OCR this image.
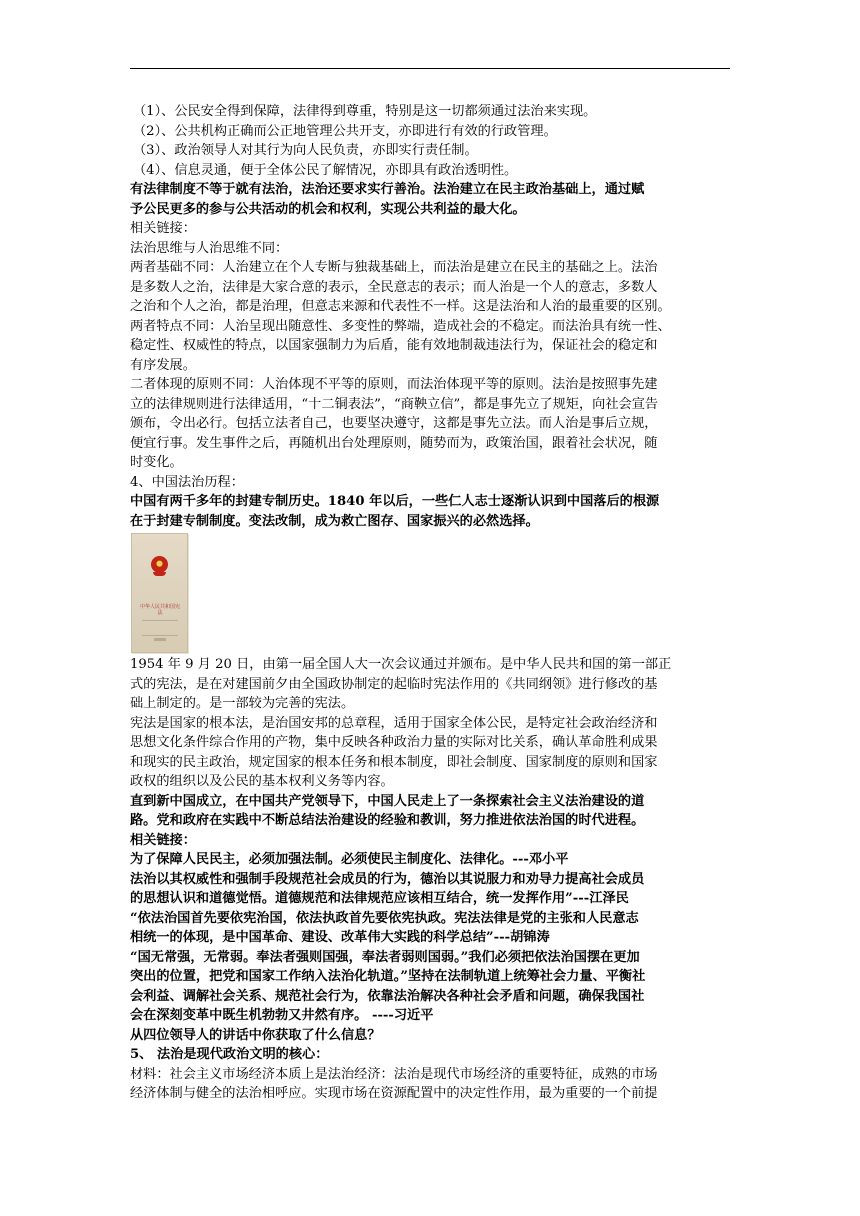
（1）、公民安全得到保障，法律得到尊重，特别是这一切都须通过法治来实现。
（2）、公共机构正确而公正地管理公共开支，亦即进行有效的行政管理。
（3）、政治领导人对其行为向人民负责，亦即实行责任制。
（4）、信息灵通，便于全体公民了解情况，亦即具有政治透明性。
有法律制度不等于就有法治，法治还要求实行善治。法治建立在民主政治基础上，通过赋
予公民更多的参与公共活动的机会和权利，实现公共利益的最大化。
相关链接：
法治思维与人治思维不同：
两者基础不同：人治建立在个人专断与独裁基础上，而法治是建立在民主的基础之上。法治
是多数人之治，法律是大家合意的表示，全民意志的表示；而人治是一个人的意志，多数人
之治和个人之治，都是治理，但意志来源和代表性不一样。这是法治和人治的最重要的区别。
两者特点不同：人治呈现出随意性、多变性的弊端，造成社会的不稳定。而法治具有统一性、
稳定性、权威性的特点，以国家强制力为后盾，能有效地制裁违法行为，保证社会的稳定和
有序发展。
二者体现的原则不同：人治体现不平等的原则，而法治体现平等的原则。法治是按照事先建
立的法律规则进行法律适用，“十二铜表法”，“商鞅立信”，都是事先立了规矩，向社会宣告
颁布，令出必行。包括立法者自己，也要坚决遵守，这都是事先立法。而人治是事后立规，
便宜行事。发生事件之后，再随机出台处理原则，随势而为，政策治国，跟着社会状况，随
时变化。
4、中国法治历程：
中国有两千多年的封建专制历史。1840 年以后，一些仁人志士逐渐认识到中国落后的根源
在于封建专制制度。变法改制，成为救亡图存、国家振兴的必然选择。
中华人民共和国宪法
1954 年 9 月 20 日，由第一届全国人大一次会议通过并颁布。是中华人民共和国的第一部正
式的宪法，是在对建国前夕由全国政协制定的起临时宪法作用的《共同纲领》进行修改的基
础上制定的。是一部较为完善的宪法。
宪法是国家的根本法，是治国安邦的总章程，适用于国家全体公民，是特定社会政治经济和
思想文化条件综合作用的产物，集中反映各种政治力量的实际对比关系，确认革命胜利成果
和现实的民主政治，规定国家的根本任务和根本制度，即社会制度、国家制度的原则和国家
政权的组织以及公民的基本权利义务等内容。
直到新中国成立，在中国共产党领导下，中国人民走上了一条探索社会主义法治建设的道
路。党和政府在实践中不断总结法治建设的经验和教训，努力推进依法治国的时代进程。
相关链接：
为了保障人民民主，必须加强法制。必须使民主制度化、法律化。---邓小平
法治以其权威性和强制手段规范社会成员的行为，德治以其说服力和劝导力提高社会成员
的思想认识和道德觉悟。道德规范和法律规范应该相互结合，统一发挥作用”---江泽民
“依法治国首先要依宪治国，依法执政首先要依宪执政。宪法法律是党的主张和人民意志
相统一的体现，是中国革命、建设、改革伟大实践的科学总结”---胡锦涛
“国无常强，无常弱。奉法者强则国强，奉法者弱则国弱。”我们必须把依法治国摆在更加
突出的位置，把党和国家工作纳入法治化轨道。”坚持在法制轨道上统筹社会力量、平衡社
会利益、调解社会关系、规范社会行为，依靠法治解决各种社会矛盾和问题，确保我国社
会在深刻变革中既生机勃勃又井然有序。 ----习近平
从四位领导人的讲话中你获取了什么信息？
5、 法治是现代政治文明的核心：
材料：社会主义市场经济本质上是法治经济：法治是现代市场经济的重要特征，成熟的市场
经济体制与健全的法治相呼应。实现市场在资源配置中的决定性作用，最为重要的一个前提
